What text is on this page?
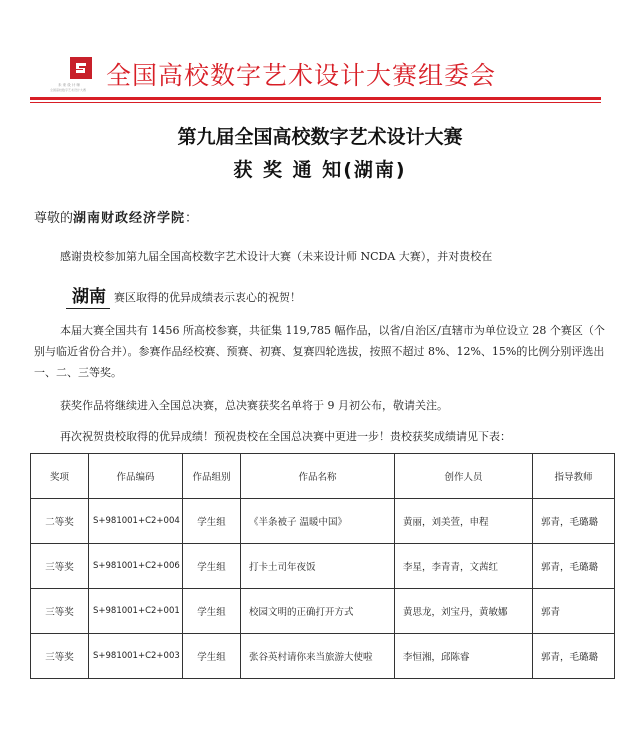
未 来 设 计 师
全国高校数字艺术设计大赛 全国高校数字艺术设计大赛组委会
第九届全国高校数字艺术设计大赛
获 奖 通 知(湖南)
尊敬的湖南财政经济学院：
感谢贵校参加第九届全国高校数字艺术设计大赛（未来设计师 NCDA 大赛），并对贵校在
湖南 赛区取得的优异成绩表示衷心的祝贺！
本届大赛全国共有 1456 所高校参赛，共征集 119,785 幅作品，以省/自治区/直辖市为单位设立 28 个赛区（个别与临近省份合并）。参赛作品经校赛、预赛、初赛、复赛四轮选拔，按照不超过 8%、12%、15%的比例分别评选出一、二、三等奖。
获奖作品将继续进入全国总决赛，总决赛获奖名单将于 9 月初公布，敬请关注。
再次祝贺贵校取得的优异成绩！预祝贵校在全国总决赛中更进一步！贵校获奖成绩请见下表：
奖项	作品编码	作品组别	作品名称	创作人员	指导教师
二等奖	S+981001+C2+004	学生组	《半条被子 温暖中国》	黄丽，刘美萱，申程	郭青，毛璐璐
三等奖	S+981001+C2+006	学生组	打卡土司年夜饭	李星，李青青，文茜红	郭青，毛璐璐
三等奖	S+981001+C2+001	学生组	校园文明的正确打开方式	黄思龙，刘宝丹，黄敏娜	郭青
三等奖	S+981001+C2+003	学生组	张谷英村请你来当旅游大使啦	李恒湘，邱陈睿	郭青，毛璐璐
